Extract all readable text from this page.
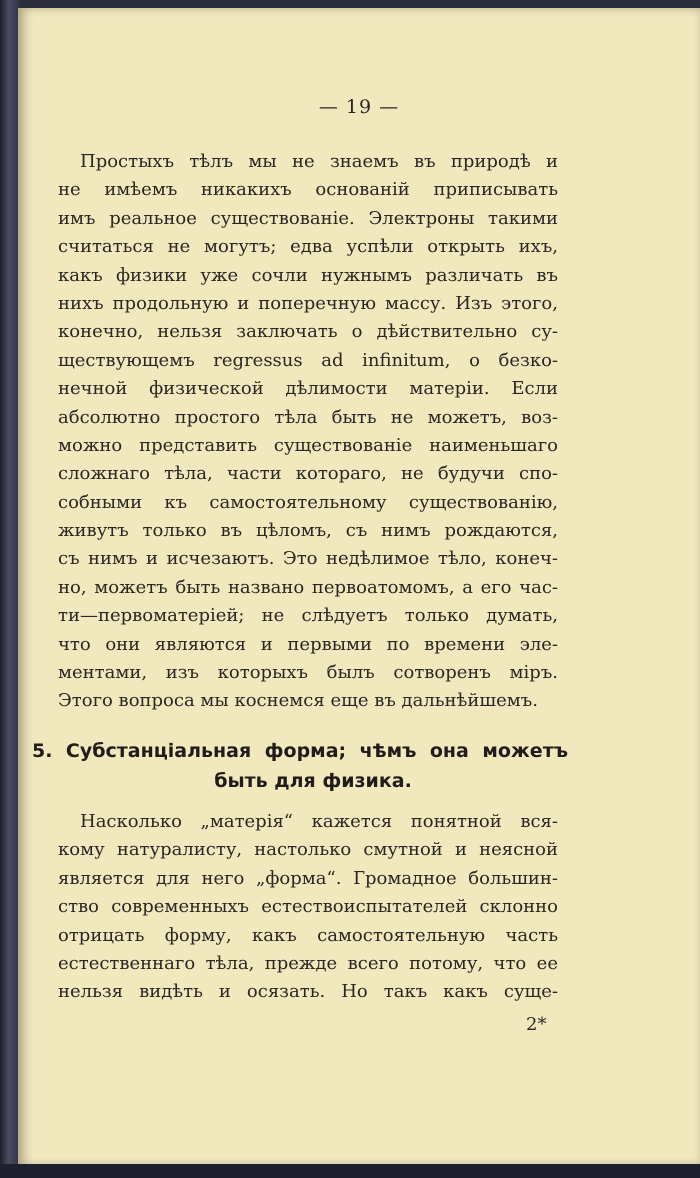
— 19 —
Простыхъ тѣлъ мы не знаемъ въ природѣ и
не имѣемъ никакихъ основаній приписывать
имъ реальное существованіе. Электроны такими
считаться не могутъ; едва успѣли открыть ихъ,
какъ физики уже сочли нужнымъ различать въ
нихъ продольную и поперечную массу. Изъ этого,
конечно, нельзя заключать о дѣйствительно су-
ществующемъ regressus ad infinitum, о безко-
нечной физической дѣлимости матеріи. Если
абсолютно простого тѣла быть не можетъ, воз-
можно представить существованіе наименьшаго
сложнаго тѣла, части котораго, не будучи спо-
собными къ самостоятельному существованію,
живутъ только въ цѣломъ, съ нимъ рождаются,
съ нимъ и исчезаютъ. Это недѣлимое тѣло, конеч-
но, можетъ быть названо первоатомомъ, а его час-
ти—первоматеріей; не слѣдуетъ только думать,
что они являются и первыми по времени эле-
ментами, изъ которыхъ былъ сотворенъ міръ.
Этого вопроса мы коснемся еще въ дальнѣйшемъ.
5. Субстанціальная форма; чѣмъ она можетъ
быть для физика.
Насколько „матерія“ кажется понятной вся-
кому натуралисту, настолько смутной и неясной
является для него „форма“. Громадное большин-
ство современныхъ естествоиспытателей склонно
отрицать форму, какъ самостоятельную часть
естественнаго тѣла, прежде всего потому, что ее
нельзя видѣть и осязать. Но такъ какъ суще-
2*
